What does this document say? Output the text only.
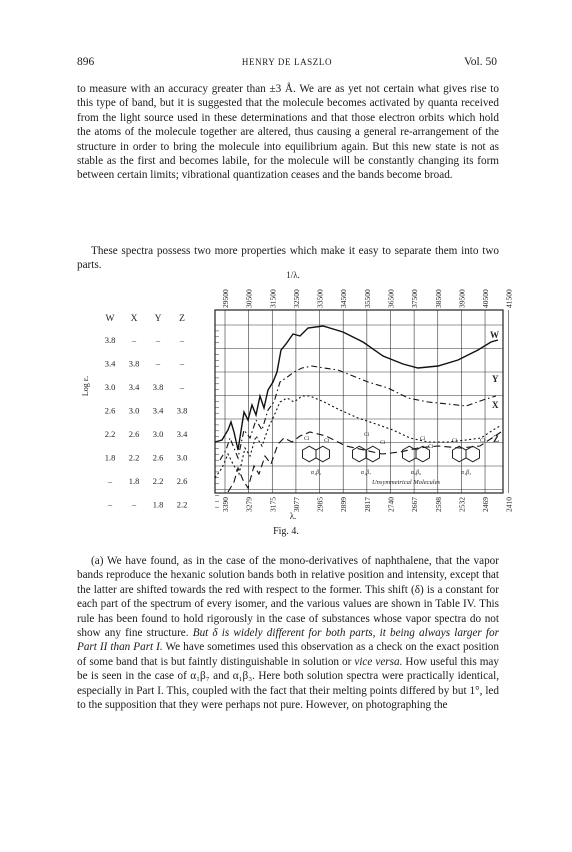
896	HENRY DE LASZLO	Vol. 50
to measure with an accuracy greater than ±3 Å. We are as yet not certain what gives rise to this type of band, but it is suggested that the molecule becomes activated by quanta received from the light source used in these determinations and that those electron orbits which hold the atoms of the molecule together are altered, thus causing a general re-arrangement of the structure in order to bring the molecule into equilibrium again. But this new state is not as stable as the first and becomes labile, for the molecule will be constantly changing its form between certain limits; vibrational quantization ceases and the bands become broad.
These spectra possess two more properties which make it easy to separate them into two parts.
1/λ.
W X Y Z
3.8 – – –
3.4 3.8 – –
3.0 3.4 3.8 –
2.6 3.0 3.4 3.8
2.2 2.6 3.0 3.4
1.8 2.2 2.6 3.0
– 1.8 2.2 2.6
– – 1.8 2.2
Log ε.
29500 30500 31500 32500 33500 34500 35500 36500 37500 38500 39500 40500 41500
3390 3279 3175 3077 2985 2899 2817 2740 2667 2598 2532 2469 2410
W
X
Y
Z
Cl	Cl
α₁β₂
Cl
Cl
α₁β₇
Cl
Cl
α₁β₆
Cl	Cl
α₁β₃
Unsymmetrical Molecules
λ.
Fig. 4.
(a) We have found, as in the case of the mono-derivatives of naphthalene, that the vapor bands reproduce the hexanic solution bands both in relative position and intensity, except that the latter are shifted towards the red with respect to the former. This shift (δ) is a constant for each part of the spectrum of every isomer, and the various values are shown in Table IV. This rule has been found to hold rigorously in the case of substances whose vapor spectra do not show any fine structure. But δ is widely different for both parts, it being always larger for Part II than Part I. We have sometimes used this observation as a check on the exact position of some band that is but faintly distinguishable in solution or vice versa. How useful this may be is seen in the case of α₁β₇ and α₁β₃. Here both solution spectra were practically identical, especially in Part I. This, coupled with the fact that their melting points differed by but 1°, led to the supposition that they were perhaps not pure. However, on photographing the
